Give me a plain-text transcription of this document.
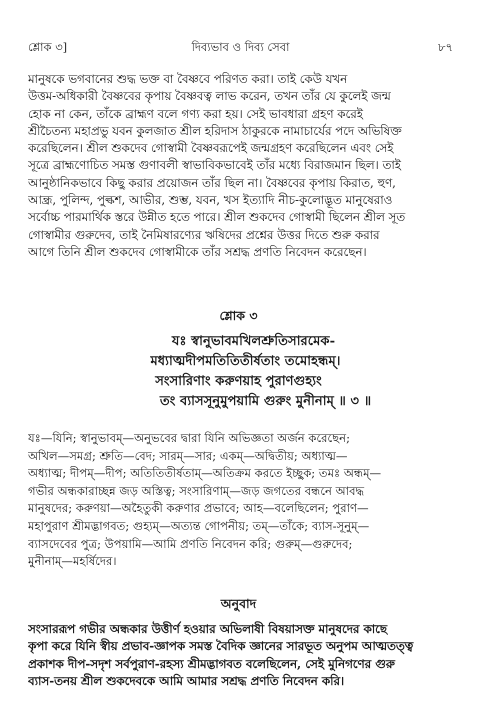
শ্লোক ৩]	দিব্যভাব ও দিব্য সেবা	৮৭
মানুষকে ভগবানের শুদ্ধ ভক্ত বা বৈষ্ণবে পরিণত করা। তাই কেউ যখন
উত্তম-অধিকারী বৈষ্ণবের কৃপায় বৈষ্ণবত্ব লাভ করেন, তখন তাঁর যে কুলেই জন্ম
হোক না কেন, তাঁকে ব্রাহ্মণ বলে গণ্য করা হয়। সেই ভাবধারা গ্রহণ করেই
শ্রীচৈতন্য মহাপ্রভু যবন কুলজাত শ্রীল হরিদাস ঠাকুরকে নামাচার্যের পদে অভিষিক্ত
করেছিলেন। শ্রীল শুকদেব গোস্বামী বৈষ্ণবরূপেই জন্মগ্রহণ করেছিলেন এবং সেই
সূত্রে ব্রাহ্মণোচিত সমস্ত গুণাবলী স্বাভাবিকভাবেই তাঁর মধ্যে বিরাজমান ছিল। তাই
আনুষ্ঠানিকভাবে কিছু করার প্রয়োজন তাঁর ছিল না। বৈষ্ণবের কৃপায় কিরাত, হুণ,
আন্ধ্র, পুলিন্দ, পুল্কশ, আভীর, শুম্ভ, যবন, খস ইত্যাদি নীচ-কুলোদ্ভূত মানুষেরাও
সর্বোচ্চ পারমার্থিক স্তরে উন্নীত হতে পারে। শ্রীল শুকদেব গোস্বামী ছিলেন শ্রীল সূত
গোস্বামীর গুরুদেব, তাই নৈমিষারণ্যের ঋষিদের প্রশ্নের উত্তর দিতে শুরু করার
আগে তিনি শ্রীল শুকদেব গোস্বামীকে তাঁর সশ্রদ্ধ প্রণতি নিবেদন করেছেন।
শ্লোক ৩
যঃ স্বানুভাবমখিলশ্রুতিসারমেক-
মধ্যাত্মদীপমতিতিতীর্ষতাং তমোহন্ধম্।
সংসারিণাং করুণয়াহ পুরাণগুহ্যং
তং ব্যাসসূনুমুপয়ামি গুরুং মুনীনাম্ ॥ ৩ ॥
যঃ—যিনি; স্বানুভাবম্—অনুভবের দ্বারা যিনি অভিজ্ঞতা অর্জন করেছেন;
অখিল—সমগ্র; শ্রুতি—বেদ; সারম্—সার; একম্—অদ্বিতীয়; অধ্যাত্ম—
অধ্যাত্ম; দীপম্—দীপ; অতিতিতীর্ষতাম্—অতিক্রম করতে ইচ্ছুক; তমঃ অন্ধম্—
গভীর অন্ধকারাচ্ছন্ন জড় অস্তিত্ব; সংসারিণাম্—জড় জগতের বন্ধনে আবদ্ধ
মানুষদের; করুণয়া—অহৈতুকী করুণার প্রভাবে; আহ—বলেছিলেন; পুরাণ—
মহাপুরাণ শ্রীমদ্ভাগবত; গুহ্যম্—অত্যন্ত গোপনীয়; তম্—তাঁকে; ব্যাস-সূনুম্—
ব্যাসদেবের পুত্র; উপয়ামি—আমি প্রণতি নিবেদন করি; গুরুম্—গুরুদেব;
মুনীনাম্—মহর্ষিদের।
অনুবাদ
সংসাররূপ গভীর অন্ধকার উত্তীর্ণ হওয়ার অভিলাষী বিষয়াসক্ত মানুষদের কাছে
কৃপা করে যিনি স্বীয় প্রভাব-জ্ঞাপক সমস্ত বৈদিক জ্ঞানের সারভূত অনুপম আত্মতত্ত্ব
প্রকাশক দীপ-সদৃশ সর্বপুরাণ-রহস্য শ্রীমদ্ভাগবত বলেছিলেন, সেই মুনিগণের গুরু
ব্যাস-তনয় শ্রীল শুকদেবকে আমি আমার সশ্রদ্ধ প্রণতি নিবেদন করি।
